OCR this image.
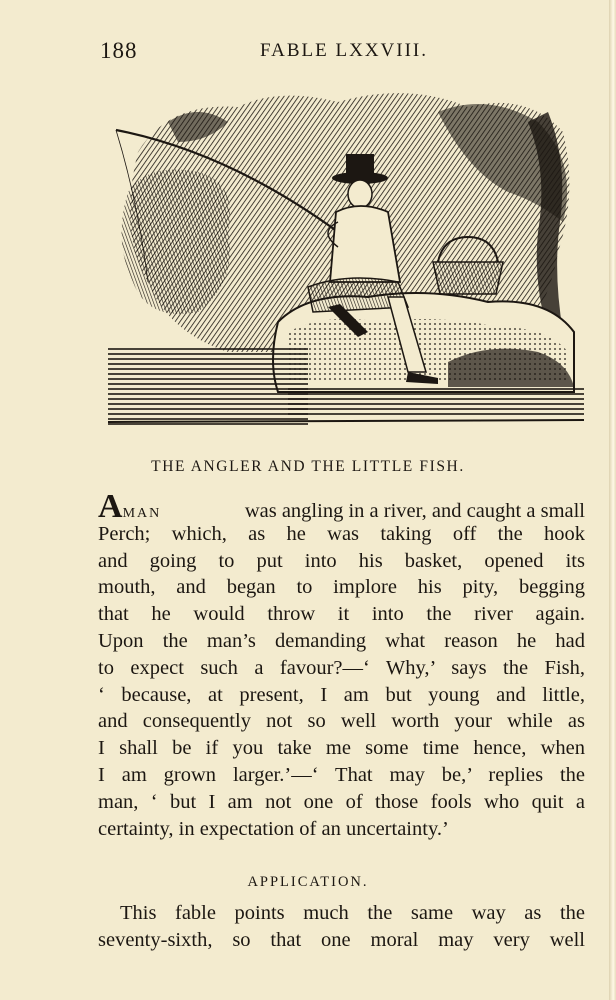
188	FABLE LXXVIII.
THE ANGLER AND THE LITTLE FISH.
AMAN	was angling in a river, and caught a small
Perch; which, as he was taking off the hook
and going to put into his basket, opened its
mouth, and began to implore his pity, begging
that he would throw it into the river again.
Upon the man’s demanding what reason he had
to expect such a favour?—‘ Why,’ says the Fish,
‘ because, at present, I am but young and little,
and consequently not so well worth your while as
I shall be if you take me some time hence, when
I am grown larger.’—‘ That may be,’ replies the
man, ‘ but I am not one of those fools who quit a
certainty, in expectation of an uncertainty.’
APPLICATION.
This fable points much the same way as the
seventy-sixth, so that one moral may very well
